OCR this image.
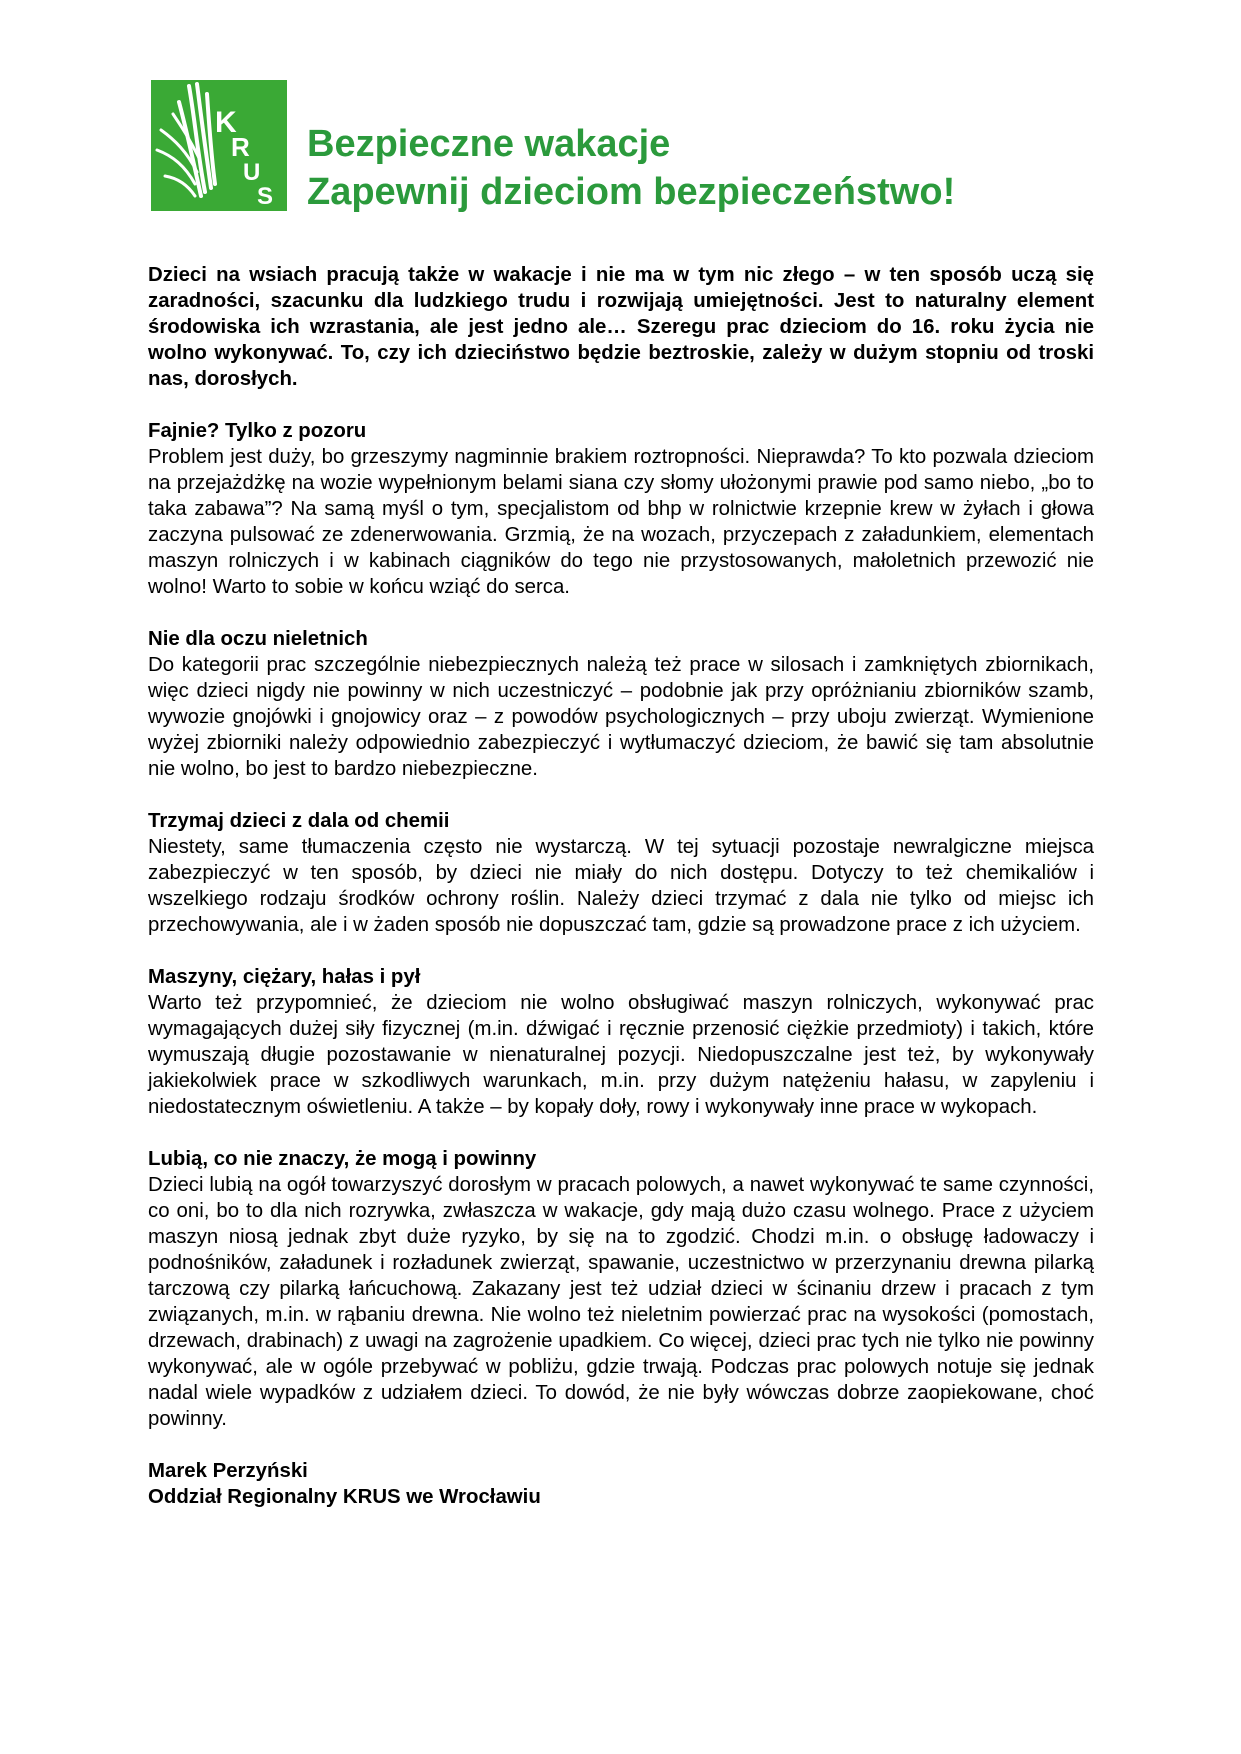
K
R
U
S
Bezpieczne wakacje
Zapewnij dzieciom bezpieczeństwo!

Dzieci na wsiach pracują także w wakacje i nie ma w tym nic złego – w ten sposób uczą się zaradności, szacunku dla ludzkiego trudu i rozwijają umiejętności. Jest to naturalny element środowiska ich wzrastania, ale jest jedno ale… Szeregu prac dzieciom do 16. roku życia nie wolno wykonywać. To, czy ich dzieciństwo będzie beztroskie, zależy w dużym stopniu od troski nas, dorosłych.

Fajnie? Tylko z pozoru

Problem jest duży, bo grzeszymy nagminnie brakiem roztropności. Nieprawda? To kto pozwala dzieciom na przejażdżkę na wozie wypełnionym belami siana czy słomy ułożonymi prawie pod samo niebo, „bo to taka zabawa”? Na samą myśl o tym, specjalistom od bhp w rolnictwie krzepnie krew w żyłach i głowa zaczyna pulsować ze zdenerwowania. Grzmią, że na wozach, przyczepach z załadunkiem, elementach maszyn rolniczych i w kabinach ciągników do tego nie przystosowanych, małoletnich przewozić nie wolno! Warto to sobie w końcu wziąć do serca.

Nie dla oczu nieletnich

Do kategorii prac szczególnie niebezpiecznych należą też prace w silosach i zamkniętych zbiornikach, więc dzieci nigdy nie powinny w nich uczestniczyć – podobnie jak przy opróżnianiu zbiorników szamb, wywozie gnojówki i gnojowicy oraz – z powodów psychologicznych – przy uboju zwierząt. Wymienione wyżej zbiorniki należy odpowiednio zabezpieczyć i wytłumaczyć dzieciom, że bawić się tam absolutnie nie wolno, bo jest to bardzo niebezpieczne.

Trzymaj dzieci z dala od chemii

Niestety, same tłumaczenia często nie wystarczą. W tej sytuacji pozostaje newralgiczne miejsca zabezpieczyć w ten sposób, by dzieci nie miały do nich dostępu. Dotyczy to też chemikaliów i wszelkiego rodzaju środków ochrony roślin. Należy dzieci trzymać z dala nie tylko od miejsc ich przechowywania, ale i w żaden sposób nie dopuszczać tam, gdzie są prowadzone prace z ich użyciem.

Maszyny, ciężary, hałas i pył

Warto też przypomnieć, że dzieciom nie wolno obsługiwać maszyn rolniczych, wykonywać prac wymagających dużej siły fizycznej (m.in. dźwigać i ręcznie przenosić ciężkie przedmioty) i takich, które wymuszają długie pozostawanie w nienaturalnej pozycji. Niedopuszczalne jest też, by wykonywały jakiekolwiek prace w szkodliwych warunkach, m.in. przy dużym natężeniu hałasu, w zapyleniu i niedostatecznym oświetleniu. A także – by kopały doły, rowy i wykonywały inne prace w wykopach.

Lubią, co nie znaczy, że mogą i powinny

Dzieci lubią na ogół towarzyszyć dorosłym w pracach polowych, a nawet wykonywać te same czynności, co oni, bo to dla nich rozrywka, zwłaszcza w wakacje, gdy mają dużo czasu wolnego. Prace z użyciem maszyn niosą jednak zbyt duże ryzyko, by się na to zgodzić. Chodzi m.in. o obsługę ładowaczy i podnośników, załadunek i rozładunek zwierząt, spawanie, uczestnictwo w przerzynaniu drewna pilarką tarczową czy pilarką łańcuchową. Zakazany jest też udział dzieci w ścinaniu drzew i pracach z tym związanych, m.in. w rąbaniu drewna. Nie wolno też nieletnim powierzać prac na wysokości (pomostach, drzewach, drabinach) z uwagi na zagrożenie upadkiem. Co więcej, dzieci prac tych nie tylko nie powinny wykonywać, ale w ogóle przebywać w pobliżu, gdzie trwają. Podczas prac polowych notuje się jednak nadal wiele wypadków z udziałem dzieci. To dowód, że nie były wówczas dobrze zaopiekowane, choć powinny.

Marek Perzyński
Oddział Regionalny KRUS we Wrocławiu
